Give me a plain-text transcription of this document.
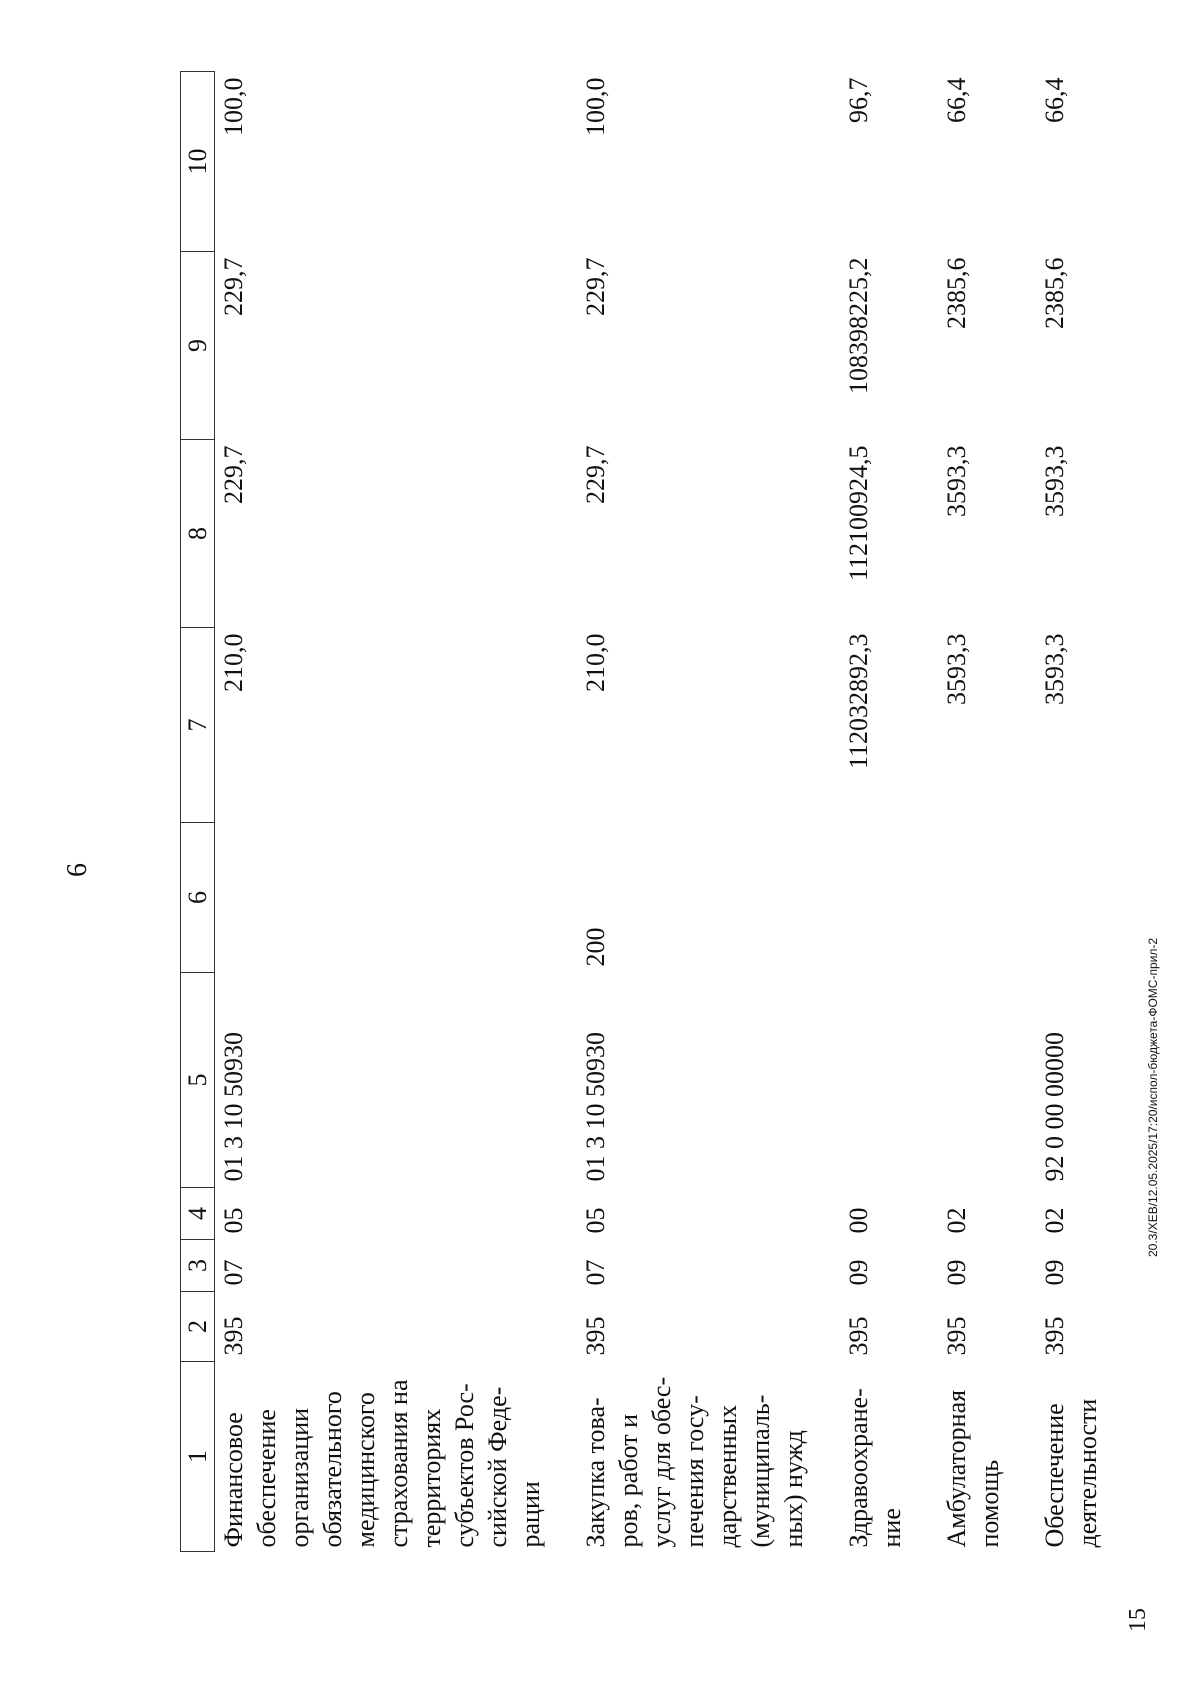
6
1	2	3	4	5	6	7	8	9	10
Финансовое обеспечение организации обязательного медицинского страхования на территориях субъектов Рос-сийской Феде-рации	395	07	05	01 3 10 50930		210,0	229,7	229,7	100,0
Закупка това-ров, работ и услуг для обес-печения госу-дарственных (муниципаль-ных) нужд	395	07	05	01 3 10 50930	200	210,0	229,7	229,7	100,0
Здравоохране-ние	395	09	00			112032892,3	112100924,5	108398225,2	96,7
Амбулаторная помощь	395	09	02			3593,3	3593,3	2385,6	66,4
Обеспечение деятельности	395	09	02	92 0 00 00000		3593,3	3593,3	2385,6	66,4
15
20.3/ХЕВ/12.05.2025/17:20/испол-бюджета-ФОМС-прил-2
